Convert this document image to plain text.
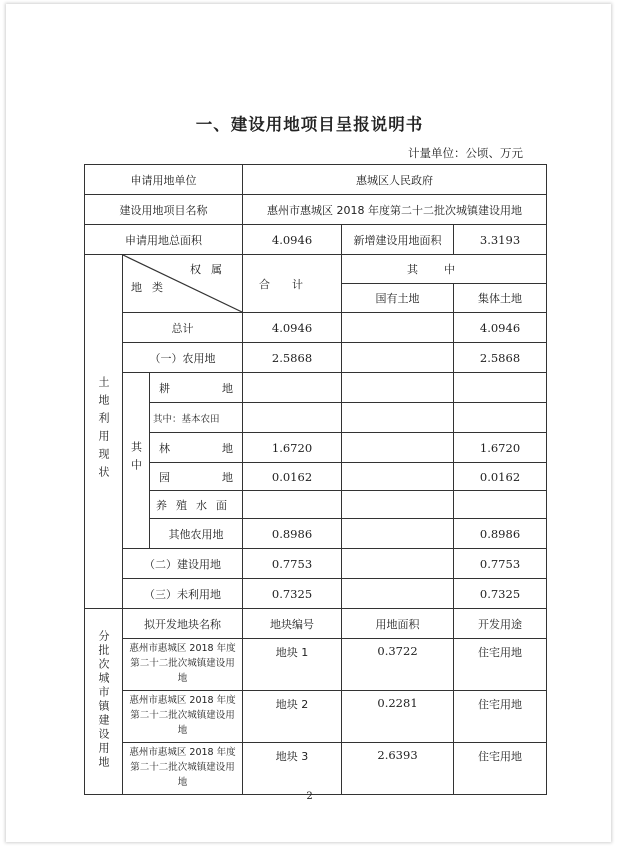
一、建设用地项目呈报说明书
计量单位：公顷、万元
申请用地单位			惠城区人民政府		
建设用地项目名称			惠州市惠城区 2018 年度第二十二批次城镇建设用地		
申请用地总面积			4.0946	新增建设用地面积	3.3193
土地利用现状	权属
地类		合计	其中	
				国有土地	集体土地
	总计		4.0946		4.0946
	（一）农用地		2.5868		2.5868
	其中	耕 地			

		其中：基本农田			

		林 地	1.6720		1.6720

		园 地	0.0162		0.0162
		养殖水面			
		其他农用地	0.8986		0.8986
	（二）建设用地		0.7753		0.7753
	（三）未利用地		0.7325		0.7325
分批次城市镇建设用地	拟开发地块名称		地块编号	用地面积	开发用途
	惠州市惠城区 2018 年度第二十二批次城镇建设用地		地块 1	0.3722	住宅用地
	惠州市惠城区 2018 年度第二十二批次城镇建设用地		地块 2	0.2281	住宅用地
	惠州市惠城区 2018 年度第二十二批次城镇建设用地		地块 3	2.6393	住宅用地
2
